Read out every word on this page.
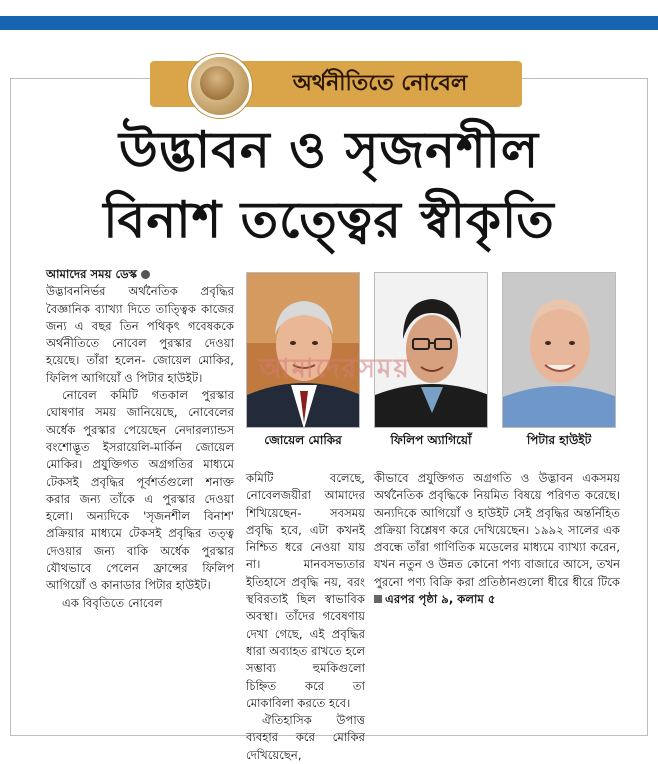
অর্থনীতিতে নোবেল
উদ্ভাবন ও সৃজনশীল
বিনাশ তত্ত্বের স্বীকৃতি
আমাদের সময় ডেস্ক

উদ্ভাবননির্ভর অর্থনৈতিক প্রবৃদ্ধির বৈজ্ঞানিক ব্যাখ্যা দিতে তাত্ত্বিক কাজের জন্য এ বছর তিন পথিকৃৎ গবেষককে অর্থনীতিতে নোবেল পুরস্কার দেওয়া হয়েছে। তাঁরা হলেন- জোয়েল মোকির, ফিলিপ আগিয়োঁ ও পিটার হাউইট।

নোবেল কমিটি গতকাল পুরস্কার ঘোষণার সময় জানিয়েছে, নোবেলের অর্ধেক পুরস্কার পেয়েছেন নেদারল্যান্ডস বংশোদ্ভূত ইসরায়েলি-মার্কিন জোয়েল মোকির। প্রযুক্তিগত অগ্রগতির মাধ্যমে টেকসই প্রবৃদ্ধির পূর্বশর্তগুলো শনাক্ত করার জন্য তাঁকে এ পুরস্কার দেওয়া হলো। অন্যদিকে 'সৃজনশীল বিনাশ' প্রক্রিয়ার মাধ্যমে টেকসই প্রবৃদ্ধির তত্ত্ব দেওয়ার জন্য বাকি অর্ধেক পুরস্কার যৌথভাবে পেলেন ফ্রান্সের ফিলিপ আগিয়োঁ ও কানাডার পিটার হাউইট।

এক বিবৃতিতে নোবেল

জোয়েল মোকির	ফিলিপ অ্যাগিয়োঁ	পিটার হাউইট
আমাদেরসময়

কমিটি বলেছে, নোবেলজয়ীরা আমাদের শিখিয়েছেন- সবসময় প্রবৃদ্ধি হবে, এটা কখনই নিশ্চিত ধরে নেওয়া যায় না। মানবসভ্যতার ইতিহাসে প্রবৃদ্ধি নয়, বরং স্থবিরতাই ছিল স্বাভাবিক অবস্থা। তাঁদের গবেষণায় দেখা গেছে, এই প্রবৃদ্ধির ধারা অব্যাহত রাখতে হলে সম্ভাব্য হুমকিগুলো চিহ্নিত করে তা মোকাবিলা করতে হবে।

ঐতিহাসিক উপাত্ত ব্যবহার করে মোকির দেখিয়েছেন,

কীভাবে প্রযুক্তিগত অগ্রগতি ও উদ্ভাবন একসময় অর্থনৈতিক প্রবৃদ্ধিকে নিয়মিত বিষয়ে পরিণত করেছে। অন্যদিকে আগিয়োঁ ও হাউইট সেই প্রবৃদ্ধির অন্তর্নিহিত প্রক্রিয়া বিশ্লেষণ করে দেখিয়েছেন। ১৯৯২ সালের এক প্রবন্ধে তাঁরা গাণিতিক মডেলের মাধ্যমে ব্যাখ্যা করেন, যখন নতুন ও উন্নত কোনো পণ্য বাজারে আসে, তখন পুরনো পণ্য বিক্রি করা প্রতিষ্ঠানগুলো ধীরে ধীরে টিকে এরপর পৃষ্ঠা ৯, কলাম ৫
